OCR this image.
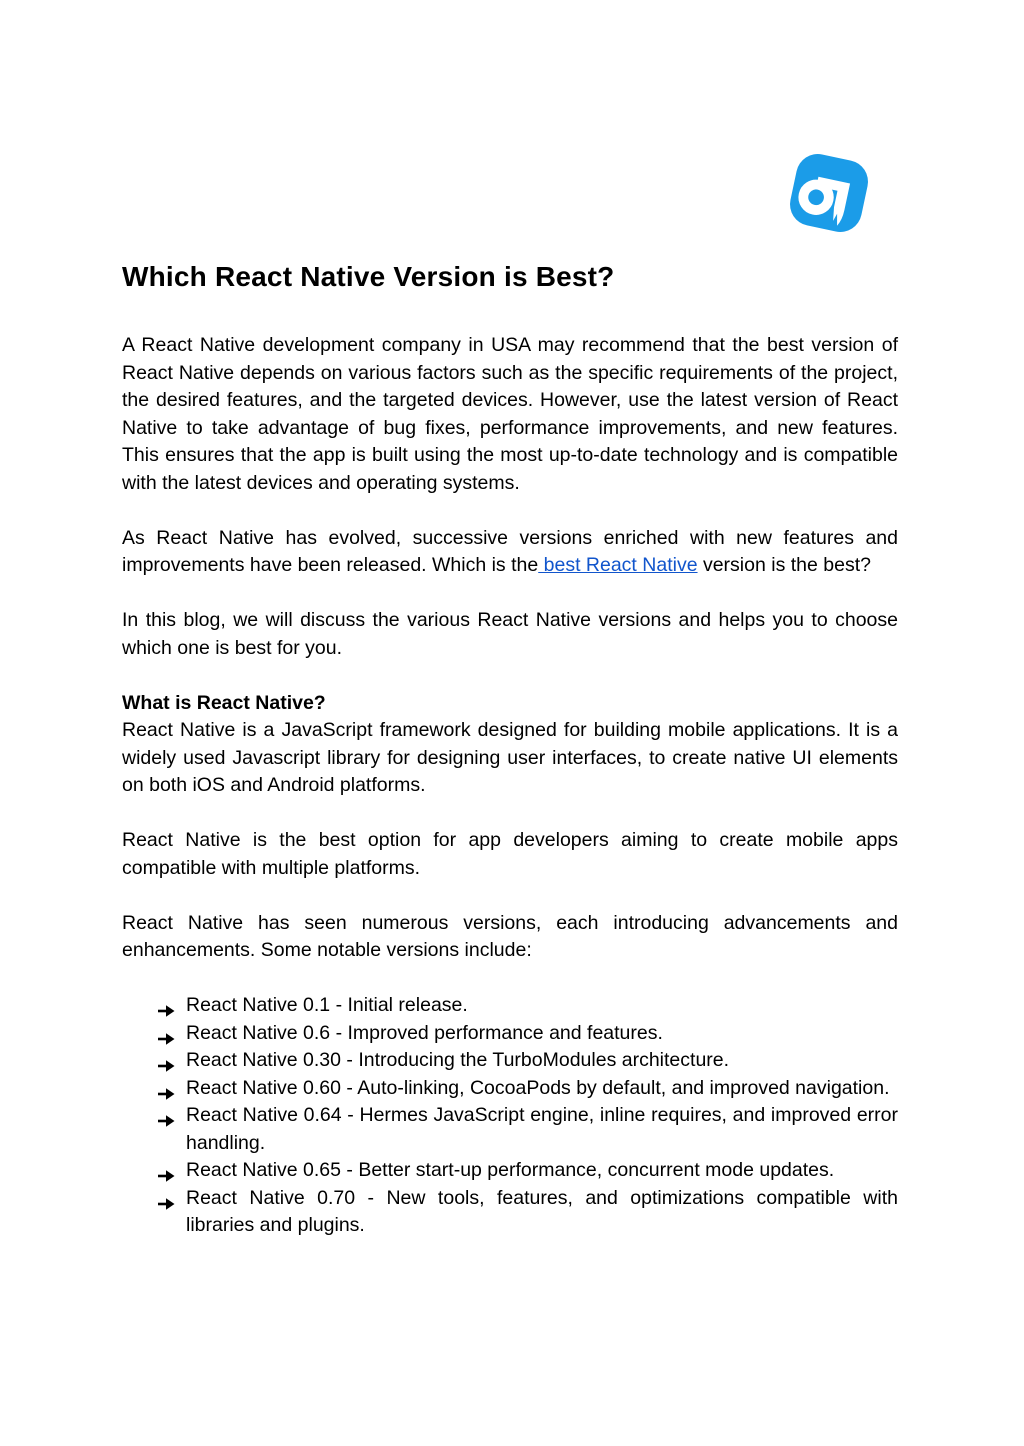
Which React Native Version is Best?

A React Native development company in USA may recommend that the best version of React Native depends on various factors such as the specific requirements of the project, the desired features, and the targeted devices. However, use the latest version of React Native to take advantage of bug fixes, performance improvements, and new features. This ensures that the app is built using the most up-to-date technology and is compatible with the latest devices and operating systems.

As React Native has evolved, successive versions enriched with new features and improvements have been released. Which is the best React Native version is the best?

In this blog, we will discuss the various React Native versions and helps you to choose which one is best for you.

What is React Native?

React Native is a JavaScript framework designed for building mobile applications. It is a widely used Javascript library for designing user interfaces, to create native UI elements on both iOS and Android platforms.

React Native is the best option for app developers aiming to create mobile apps compatible with multiple platforms.

React Native has seen numerous versions, each introducing advancements and enhancements. Some notable versions include:

React Native 0.1 - Initial release.
React Native 0.6 - Improved performance and features.
React Native 0.30 - Introducing the TurboModules architecture.
React Native 0.60 - Auto-linking, CocoaPods by default, and improved navigation.
React Native 0.64 - Hermes JavaScript engine, inline requires, and improved error handling.
React Native 0.65 - Better start-up performance, concurrent mode updates.
React Native 0.70 - New tools, features, and optimizations compatible with libraries and plugins.
